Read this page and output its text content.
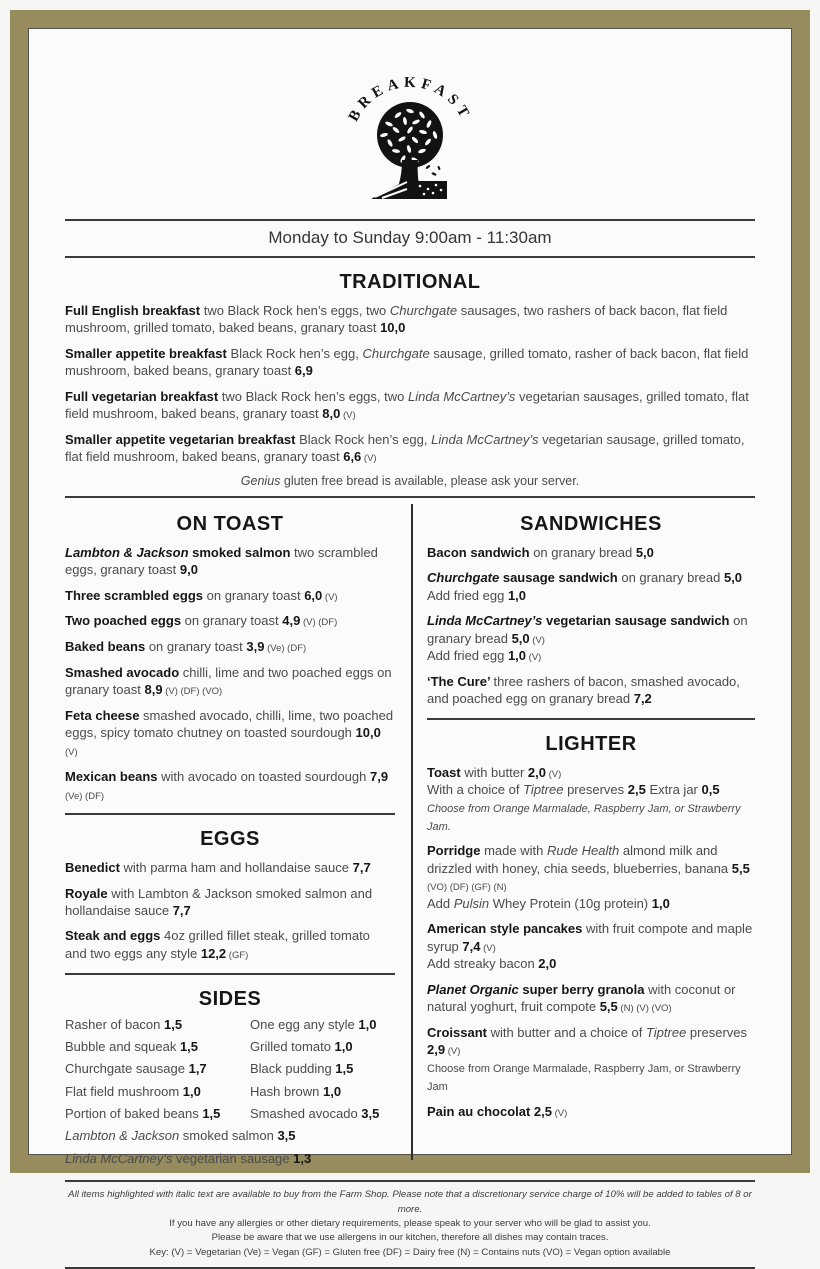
BREAKFAST
Monday to Sunday 9:00am - 11:30am
TRADITIONAL
Full English breakfast two Black Rock hen’s eggs, two Churchgate sausages, two rashers of back bacon, flat field mushroom, grilled tomato, baked beans, granary toast 10,0
Smaller appetite breakfast Black Rock hen’s egg, Churchgate sausage, grilled tomato, rasher of back bacon, flat field mushroom, baked beans, granary toast 6,9
Full vegetarian breakfast two Black Rock hen’s eggs, two Linda McCartney’s vegetarian sausages, grilled tomato, flat field mushroom, baked beans, granary toast 8,0 (V)
Smaller appetite vegetarian breakfast Black Rock hen’s egg, Linda McCartney’s vegetarian sausage, grilled tomato, flat field mushroom, baked beans, granary toast 6,6 (V)
Genius gluten free bread is available, please ask your server.
ON TOAST
Lambton & Jackson smoked salmon two scrambled eggs, granary toast 9,0
Three scrambled eggs on granary toast 6,0 (V)
Two poached eggs on granary toast 4,9 (V) (DF)
Baked beans on granary toast 3,9 (Ve) (DF)
Smashed avocado chilli, lime and two poached eggs on granary toast 8,9 (V) (DF) (VO)
Feta cheese smashed avocado, chilli, lime, two poached eggs, spicy tomato chutney on toasted sourdough 10,0 (V)
Mexican beans with avocado on toasted sourdough 7,9 (Ve) (DF)
EGGS
Benedict with parma ham and hollandaise sauce 7,7
Royale with Lambton & Jackson smoked salmon and hollandaise sauce 7,7
Steak and eggs 4oz grilled fillet steak, grilled tomato and two eggs any style 12,2 (GF)
SIDES
Rasher of bacon 1,5
Bubble and squeak 1,5
Churchgate sausage 1,7
Flat field mushroom 1,0
Portion of baked beans 1,5
One egg any style 1,0
Grilled tomato 1,0
Black pudding 1,5
Hash brown 1,0
Smashed avocado 3,5
Lambton & Jackson smoked salmon 3,5
Linda McCartney’s vegetarian sausage 1,3
SANDWICHES
Bacon sandwich on granary bread 5,0
Churchgate sausage sandwich on granary bread 5,0
Add fried egg 1,0
Linda McCartney’s vegetarian sausage sandwich on granary bread 5,0 (V)
Add fried egg 1,0 (V)
‘The Cure’ three rashers of bacon, smashed avocado, and poached egg on granary bread 7,2
LIGHTER
Toast with butter 2,0 (V)
With a choice of Tiptree preserves 2,5 Extra jar 0,5
Choose from Orange Marmalade, Raspberry Jam, or Strawberry Jam.
Porridge made with Rude Health almond milk and drizzled with honey, chia seeds, blueberries, banana 5,5
(VO) (DF) (GF) (N)
Add Pulsin Whey Protein (10g protein) 1,0
American style pancakes with fruit compote and maple syrup 7,4 (V)
Add streaky bacon 2,0
Planet Organic super berry granola with coconut or natural yoghurt, fruit compote 5,5 (N) (V) (VO)
Croissant with butter and a choice of Tiptree preserves 2,9 (V)
Choose from Orange Marmalade, Raspberry Jam, or Strawberry Jam
Pain au chocolat 2,5 (V)
All items highlighted with italic text are available to buy from the Farm Shop. Please note that a discretionary service charge of 10% will be added to tables of 8 or more.
If you have any allergies or other dietary requirements, please speak to your server who will be glad to assist you.
Please be aware that we use allergens in our kitchen, therefore all dishes may contain traces.
Key: (V) = Vegetarian (Ve) = Vegan (GF) = Gluten free (DF) = Dairy free (N) = Contains nuts (VO) = Vegan option available
